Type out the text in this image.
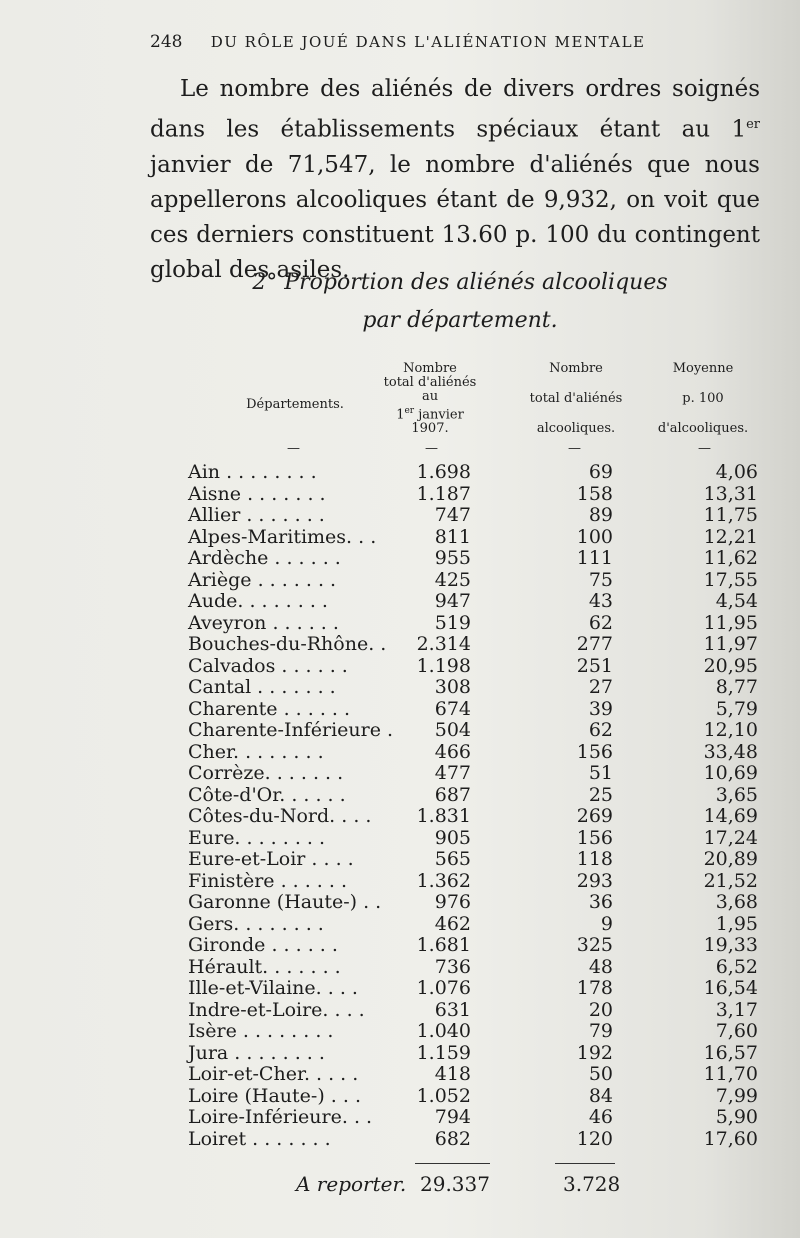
248 DU RÔLE JOUÉ DANS L'ALIÉNATION MENTALE

Le nombre des aliénés de divers ordres soignés dans les établissements spéciaux étant au 1er janvier de 71,547, le nombre d'aliénés que nous appellerons alcooliques étant de 9,932, on voit que ces derniers constituent 13.60 p. 100 du contingent global des asiles.

2° Proportion des aliénés alcooliques
par département.
Départements.
Nombre
total d'aliénés
au
1er janvier
1907.
Nombre
total d'aliénés
alcooliques.
Moyenne
p. 100
d'alcooliques.
—	—	—	—
Ain . . . . . . . .	1.698	69	4,06
Aisne . . . . . . .	1.187	158	13,31
Allier . . . . . . .	747	89	11,75
Alpes-Maritimes. . .	811	100	12,21
Ardèche . . . . . .	955	111	11,62
Ariège . . . . . . .	425	75	17,55
Aude. . . . . . . .	947	43	4,54
Aveyron . . . . . .	519	62	11,95
Bouches-du-Rhône. . 2.314	277	11,97
Calvados . . . . . .	1.198	251	20,95
Cantal . . . . . . .	308	27	8,77
Charente . . . . . .	674	39	5,79
Charente-Inférieure . 504	62	12,10
Cher. . . . . . . .	466	156	33,48
Corrèze. . . . . . .	477	51	10,69
Côte-d'Or. . . . . .	687	25	3,65
Côtes-du-Nord. . . . 1.831	269	14,69
Eure. . . . . . . .	905	156	17,24
Eure-et-Loir . . . .	565	118	20,89
Finistère . . . . . .	1.362	293	21,52
Garonne (Haute-) . .	976	36	3,68
Gers. . . . . . . .	462	9	1,95
Gironde . . . . . .	1.681	325	19,33
Hérault. . . . . . .	736	48	6,52
Ille-et-Vilaine. . . .	1.076	178	16,54
Indre-et-Loire. . . .	631	20	3,17
Isère . . . . . . . .	1.040	79	7,60
Jura . . . . . . . .	1.159	192	16,57
Loir-et-Cher. . . . .	418	50	11,70
Loire (Haute-) . . .	1.052	84	7,99
Loire-Inférieure. . .	794	46	5,90
Loiret . . . . . . .	682	120	17,60
A reporter. 29.337	3.728
